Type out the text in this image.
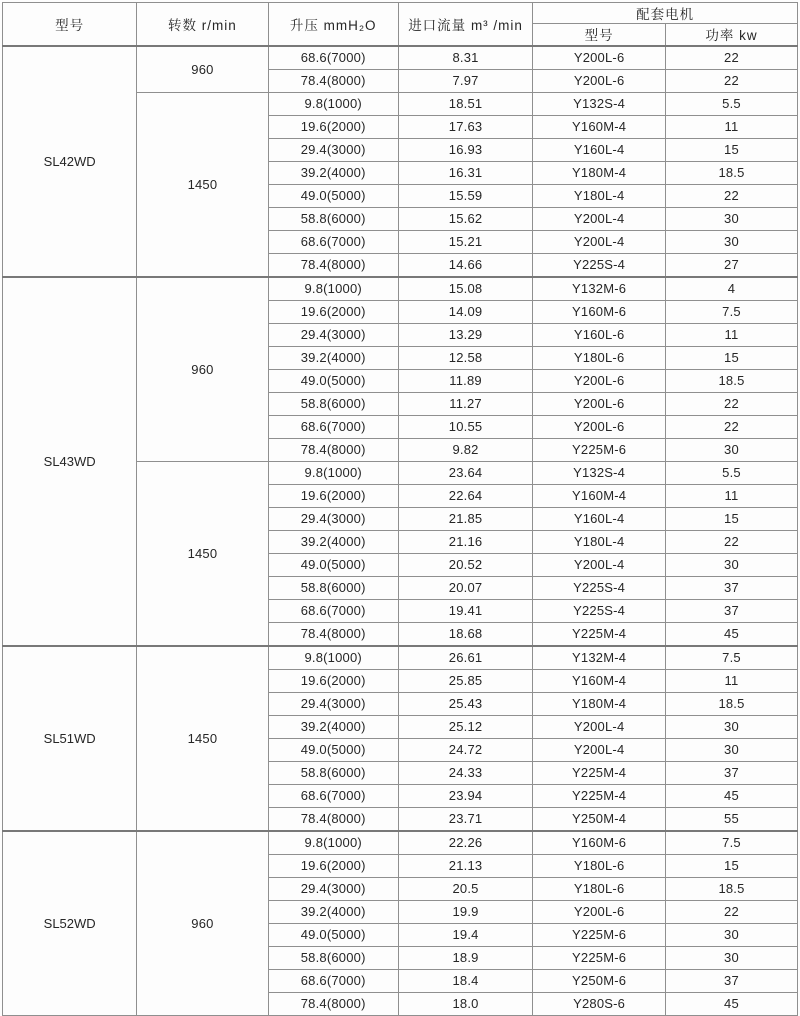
型号	转数 r/min	升压 mmH₂O	进口流量 m³ /min	配套电机	
				型号	功率 kw
SL42WD	960	68.6(7000)	8.31	Y200L-6	22
		78.4(8000)	7.97	Y200L-6	22
	1450	9.8(1000)	18.51	Y132S-4	5.5
		19.6(2000)	17.63	Y160M-4	11
		29.4(3000)	16.93	Y160L-4	15
		39.2(4000)	16.31	Y180M-4	18.5
		49.0(5000)	15.59	Y180L-4	22
		58.8(6000)	15.62	Y200L-4	30
		68.6(7000)	15.21	Y200L-4	30
		78.4(8000)	14.66	Y225S-4	27
SL43WD	960	9.8(1000)	15.08	Y132M-6	4
		19.6(2000)	14.09	Y160M-6	7.5
		29.4(3000)	13.29	Y160L-6	11
		39.2(4000)	12.58	Y180L-6	15
		49.0(5000)	11.89	Y200L-6	18.5
		58.8(6000)	11.27	Y200L-6	22
		68.6(7000)	10.55	Y200L-6	22
		78.4(8000)	9.82	Y225M-6	30
	1450	9.8(1000)	23.64	Y132S-4	5.5
		19.6(2000)	22.64	Y160M-4	11
		29.4(3000)	21.85	Y160L-4	15
		39.2(4000)	21.16	Y180L-4	22
		49.0(5000)	20.52	Y200L-4	30
		58.8(6000)	20.07	Y225S-4	37
		68.6(7000)	19.41	Y225S-4	37
		78.4(8000)	18.68	Y225M-4	45
SL51WD	1450	9.8(1000)	26.61	Y132M-4	7.5
		19.6(2000)	25.85	Y160M-4	11
		29.4(3000)	25.43	Y180M-4	18.5
		39.2(4000)	25.12	Y200L-4	30
		49.0(5000)	24.72	Y200L-4	30
		58.8(6000)	24.33	Y225M-4	37
		68.6(7000)	23.94	Y225M-4	45
		78.4(8000)	23.71	Y250M-4	55
SL52WD	960	9.8(1000)	22.26	Y160M-6	7.5
		19.6(2000)	21.13	Y180L-6	15
		29.4(3000)	20.5	Y180L-6	18.5
		39.2(4000)	19.9	Y200L-6	22
		49.0(5000)	19.4	Y225M-6	30
		58.8(6000)	18.9	Y225M-6	30
		68.6(7000)	18.4	Y250M-6	37
		78.4(8000)	18.0	Y280S-6	45
